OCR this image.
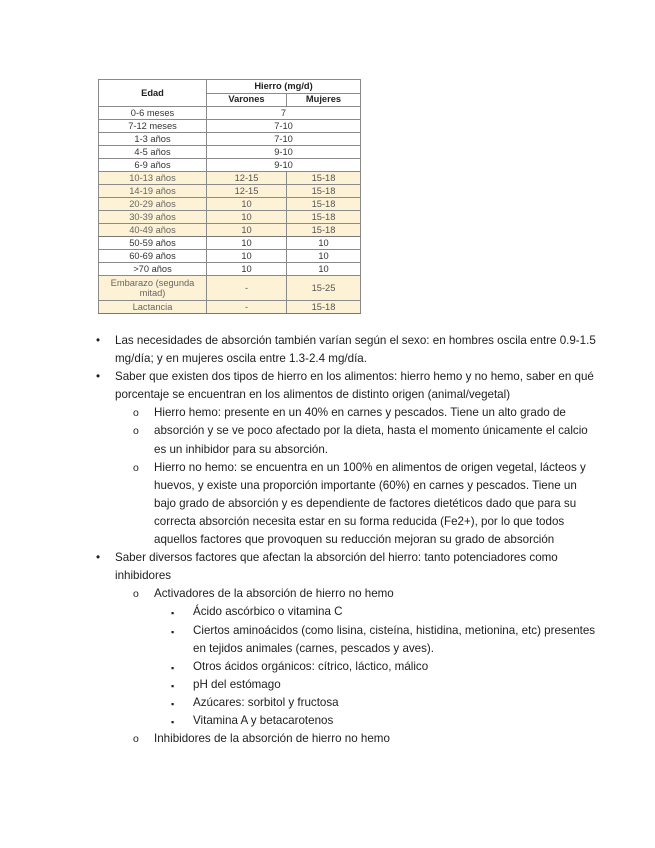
Edad	Hierro (mg/d)	
	Varones	Mujeres
0-6 meses	7	
7-12 meses	7-10	
1-3 años	7-10	
4-5 años	9-10	
6-9 años	9-10	
10-13 años	12-15	15-18
14-19 años	12-15	15-18
20-29 años	10	15-18
30-39 años	10	15-18
40-49 años	10	15-18
50-59 años	10	10
60-69 años	10	10
>70 años	10	10
Embarazo (segunda mitad)	-	15-25
Lactancia	-	15-18
• Las necesidades de absorción también varían según el sexo: en hombres oscila entre 0.9-1.5 mg/día; y en mujeres oscila entre 1.3-2.4 mg/día.
• Saber que existen dos tipos de hierro en los alimentos: hierro hemo y no hemo, saber en qué porcentaje se encuentran en los alimentos de distinto origen (animal/vegetal)
o Hierro hemo: presente en un 40% en carnes y pescados. Tiene un alto grado de
o absorción y se ve poco afectado por la dieta, hasta el momento únicamente el calcio es un inhibidor para su absorción.
o Hierro no hemo: se encuentra en un 100% en alimentos de origen vegetal, lácteos y huevos, y existe una proporción importante (60%) en carnes y pescados. Tiene un bajo grado de absorción y es dependiente de factores dietéticos dado que para su correcta absorción necesita estar en su forma reducida (Fe2+), por lo que todos aquellos factores que provoquen su reducción mejoran su grado de absorción
• Saber diversos factores que afectan la absorción del hierro: tanto potenciadores como inhibidores
o Activadores de la absorción de hierro no hemo
▪ Ácido ascórbico o vitamina C
▪ Ciertos aminoácidos (como lisina, cisteína, histidina, metionina, etc) presentes en tejidos animales (carnes, pescados y aves).
▪ Otros ácidos orgánicos: cítrico, láctico, málico
▪ pH del estómago
▪ Azúcares: sorbitol y fructosa
▪ Vitamina A y betacarotenos
o Inhibidores de la absorción de hierro no hemo
